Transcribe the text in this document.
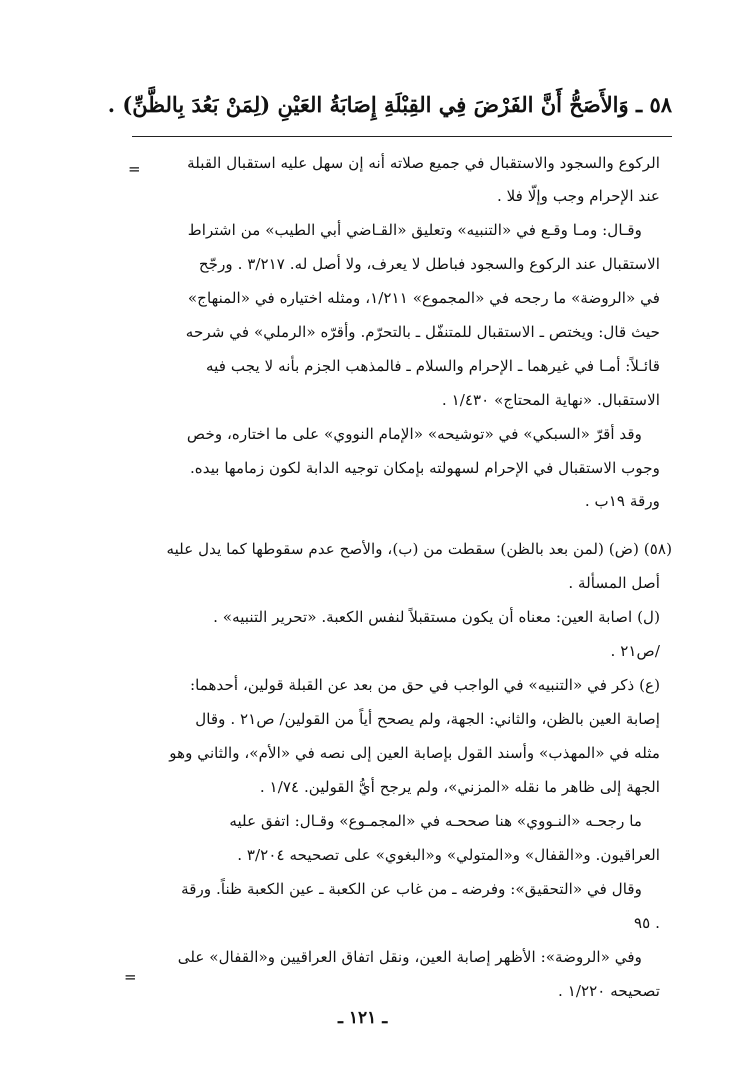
٥٨ ـ وَالأَصَحُّ أَنَّ الفَرْضَ فِي القِبْلَةِ إِصَابَةُ العَيْنِ (لِمَنْ بَعُدَ بِالظَّنِّ) .
=	الركوع والسجود والاستقبال في جميع صلاته أنه إن سهل عليه استقبال القبلة
عند الإحرام وجب وإلّا فلا .
وقـال: ومـا وقـع في «التنبيه» وتعليق «القـاضي أبي الطيب» من اشتراط
الاستقبال عند الركوع والسجود فباطل لا يعرف، ولا أصل له. ٣/٢١٧ . ورجّح
في «الروضة» ما رجحه في «المجموع» ١/٢١١، ومثله اختياره في «المنهاج»
حيث قال: ويختص ـ الاستقبال للمتنفّل ـ بالتحرّم. وأقرّه «الرملي» في شرحه
قائـلاً: أمـا في غيرهما ـ الإحرام والسلام ـ فالمذهب الجزم بأنه لا يجب فيه
الاستقبال. «نهاية المحتاج» ١/٤٣٠ .
وقد أقرّ «السبكي» في «توشيحه» «الإمام النووي» على ما اختاره، وخص
وجوب الاستقبال في الإحرام لسهولته بإمكان توجيه الدابة لكون زمامها بيده.
ورقة ١٩ب .
(٥٨) (ض) (لمن بعد بالظن) سقطت من (ب)، والأصح عدم سقوطها كما يدل عليه
أصل المسألة .
(ل) اصابة العين: معناه أن يكون مستقبلاً لنفس الكعبة. «تحرير التنبيه» .
/ص٢١ .
(ع) ذكر في «التنبيه» في الواجب في حق من بعد عن القبلة قولين، أحدهما:
إصابة العين بالظن، والثاني: الجهة، ولم يصحح أياً من القولين/ ص٢١ . وقال
مثله في «المهذب» وأسند القول بإصابة العين إلى نصه في «الأم»، والثاني وهو
الجهة إلى ظاهر ما نقله «المزني»، ولم يرجح أيُّ القولين. ١/٧٤ .
ما رجحـه «النـووي» هنا صححـه في «المجمـوع» وقـال: اتفق عليه
العراقيون. و«القفال» و«المتولي» و«البغوي» على تصحيحه ٣/٢٠٤ .
وقال في «التحقيق»: وفرضه ـ من غاب عن الكعبة ـ عين الكعبة ظناً. ورقة
٩٥ .
وفي «الروضة»: الأظهر إصابة العين، ونقل اتفاق العراقيين و«القفال» على
تصحيحه ١/٢٢٠ .
=
ـ ١٢١ ـ
